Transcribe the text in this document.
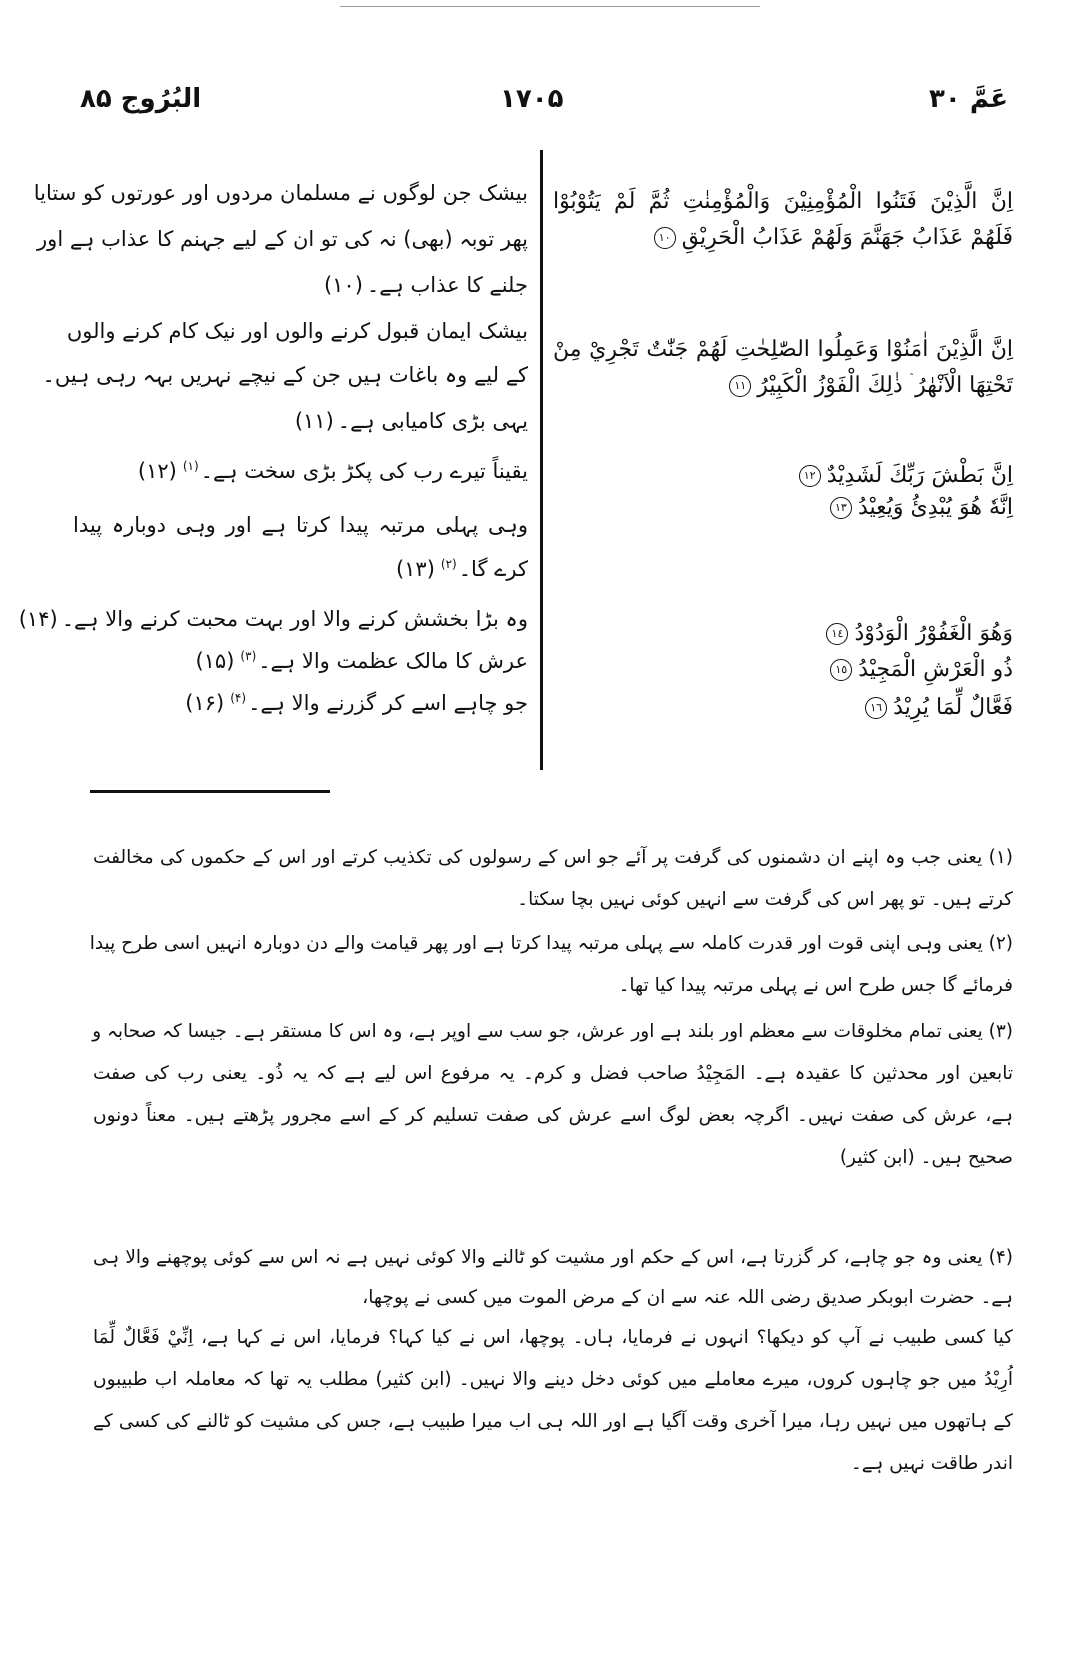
عَمَّ ۳۰
۱۷۰۵
البُرُوج ۸۵
اِنَّ الَّذِيْنَ فَتَنُوا الْمُؤْمِنِيْنَ وَالْمُؤْمِنٰتِ ثُمَّ لَمْ يَتُوْبُوْا
فَلَهُمْ عَذَابُ جَهَنَّمَ وَلَهُمْ عَذَابُ الْحَرِيْقِ١٠
اِنَّ الَّذِيْنَ اٰمَنُوْا وَعَمِلُوا الصّٰلِحٰتِ لَهُمْ جَنّٰتٌ تَجْرِيْ مِنْ
تَحْتِهَا الْاَنْهٰرُ ۛ ذٰلِكَ الْفَوْزُ الْكَبِيْرُ١١
اِنَّ بَطْشَ رَبِّكَ لَشَدِيْدٌ١٢
اِنَّهٗ هُوَ يُبْدِئُ وَيُعِيْدُ١٣
وَهُوَ الْغَفُوْرُ الْوَدُوْدُ١٤
ذُو الْعَرْشِ الْمَجِيْدُ١٥
فَعَّالٌ لِّمَا يُرِيْدُ١٦
بیشک جن لوگوں نے مسلمان مردوں اور عورتوں کو ستایا
پھر توبہ (بھی) نہ کی تو ان کے لیے جہنم کا عذاب ہے اور
جلنے کا عذاب ہے۔(۱۰)
بیشک ایمان قبول کرنے والوں اور نیک کام کرنے والوں
کے لیے وہ باغات ہیں جن کے نیچے نہریں بہہ رہی ہیں۔
یہی بڑی کامیابی ہے۔(۱۱)
یقیناً تیرے رب کی پکڑ بڑی سخت ہے۔$^{(۱)}$(۱۲)
وہی پہلی مرتبہ پیدا کرتا ہے اور وہی دوبارہ پیدا
کرے گا۔$^{(۲)}$(۱۳)
وہ بڑا بخشش کرنے والا اور بہت محبت کرنے والا ہے۔(۱۴)
عرش کا مالک عظمت والا ہے۔$^{(۳)}$(۱۵)
جو چاہے اسے کر گزرنے والا ہے۔$^{(۴)}$(۱۶)
(۱) یعنی جب وہ اپنے ان دشمنوں کی گرفت پر آئے جو اس کے رسولوں کی تکذیب کرتے اور اس کے حکموں کی مخالفت
کرتے ہیں۔ تو پھر اس کی گرفت سے انہیں کوئی نہیں بچا سکتا۔
(۲) یعنی وہی اپنی قوت اور قدرت کاملہ سے پہلی مرتبہ پیدا کرتا ہے اور پھر قیامت والے دن دوبارہ انہیں اسی طرح پیدا
فرمائے گا جس طرح اس نے پہلی مرتبہ پیدا کیا تھا۔
(۳) یعنی تمام مخلوقات سے معظم اور بلند ہے اور عرش، جو سب سے اوپر ہے، وہ اس کا مستقر ہے۔ جیسا کہ صحابہ و
تابعین اور محدثین کا عقیدہ ہے۔ المَجِيْدُ صاحب فضل و کرم۔ یہ مرفوع اس لیے ہے کہ یہ ذُو۔ یعنی رب کی صفت
ہے، عرش کی صفت نہیں۔ اگرچہ بعض لوگ اسے عرش کی صفت تسلیم کر کے اسے مجرور پڑھتے ہیں۔ معناً دونوں
صحیح ہیں۔ (ابن کثیر)
(۴) یعنی وہ جو چاہے، کر گزرتا ہے، اس کے حکم اور مشیت کو ٹالنے والا کوئی نہیں ہے نہ اس سے کوئی پوچھنے والا ہی
ہے۔ حضرت ابوبکر صدیق رضی اللہ عنہ سے ان کے مرض الموت میں کسی نے پوچھا،
کیا کسی طبیب نے آپ کو دیکھا؟ انہوں نے فرمایا، ہاں۔ پوچھا، اس نے کیا کہا؟ فرمایا، اس نے کہا ہے، اِنِّيْ فَعَّالٌ لِّمَا
اُرِيْدُ میں جو چاہوں کروں، میرے معاملے میں کوئی دخل دینے والا نہیں۔ (ابن کثیر) مطلب یہ تھا کہ معاملہ اب طبیبوں
کے ہاتھوں میں نہیں رہا، میرا آخری وقت آگیا ہے اور اللہ ہی اب میرا طبیب ہے، جس کی مشیت کو ٹالنے کی کسی کے
اندر طاقت نہیں ہے۔
